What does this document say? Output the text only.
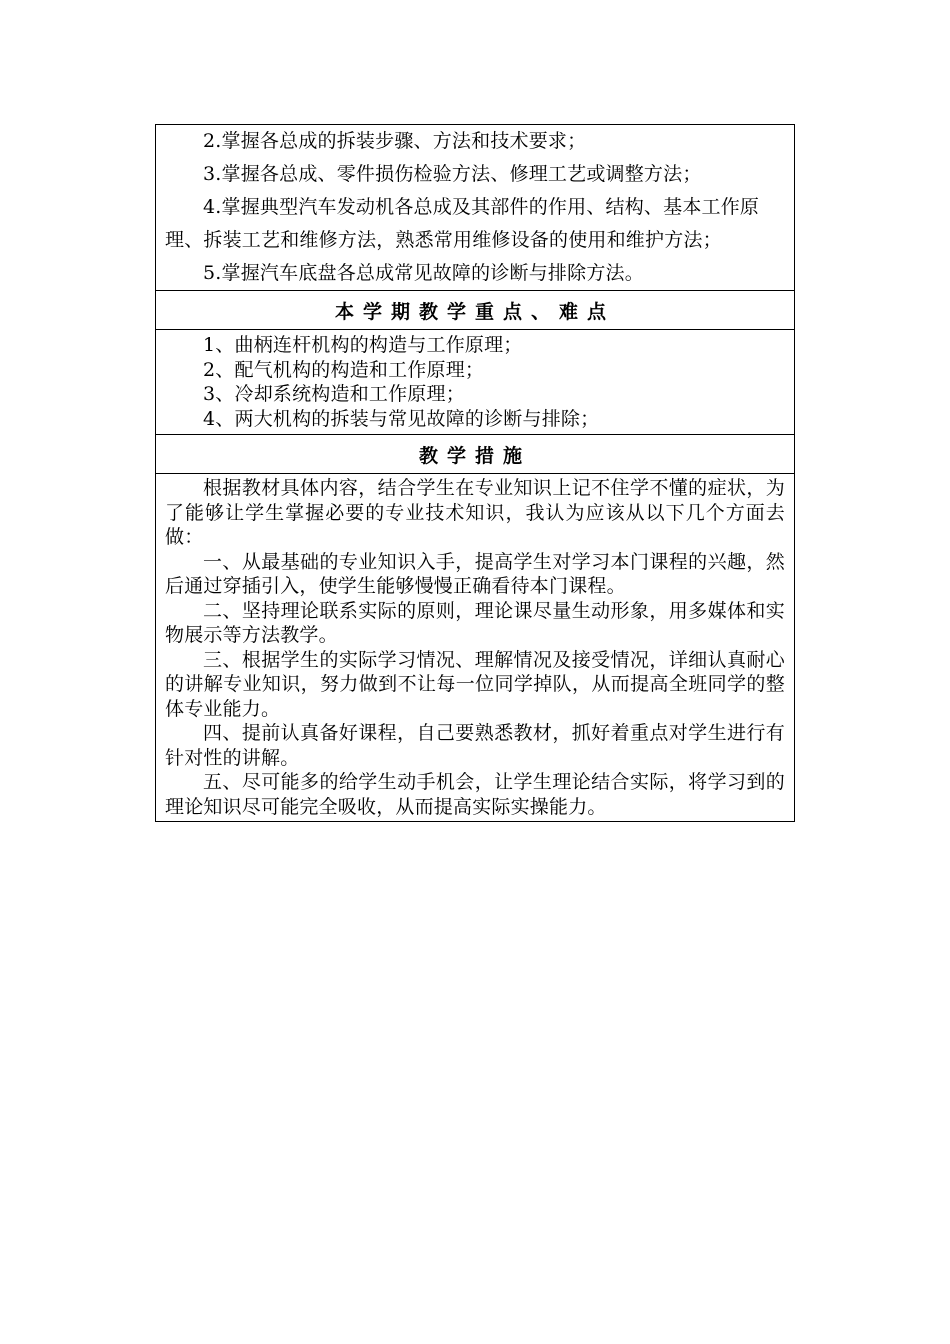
2.掌握各总成的拆装步骤、方法和技术要求；

3.掌握各总成、零件损伤检验方法、修理工艺或调整方法；

4.掌握典型汽车发动机各总成及其部件的作用、结构、基本工作原理、拆装工艺和维修方法，熟悉常用维修设备的使用和维护方法；

5.掌握汽车底盘各总成常见故障的诊断与排除方法。

本学期教学重点、难点

1、曲柄连杆机构的构造与工作原理；

2、配气机构的构造和工作原理；

3、冷却系统构造和工作原理；

4、两大机构的拆装与常见故障的诊断与排除；

教学措施

根据教材具体内容，结合学生在专业知识上记不住学不懂的症状，为了能够让学生掌握必要的专业技术知识，我认为应该从以下几个方面去做：

一、从最基础的专业知识入手，提高学生对学习本门课程的兴趣，然后通过穿插引入，使学生能够慢慢正确看待本门课程。

二、坚持理论联系实际的原则，理论课尽量生动形象，用多媒体和实物展示等方法教学。

三、根据学生的实际学习情况、理解情况及接受情况，详细认真耐心的讲解专业知识，努力做到不让每一位同学掉队，从而提高全班同学的整体专业能力。

四、提前认真备好课程，自己要熟悉教材，抓好着重点对学生进行有针对性的讲解。

五、尽可能多的给学生动手机会，让学生理论结合实际，将学习到的理论知识尽可能完全吸收，从而提高实际实操能力。
